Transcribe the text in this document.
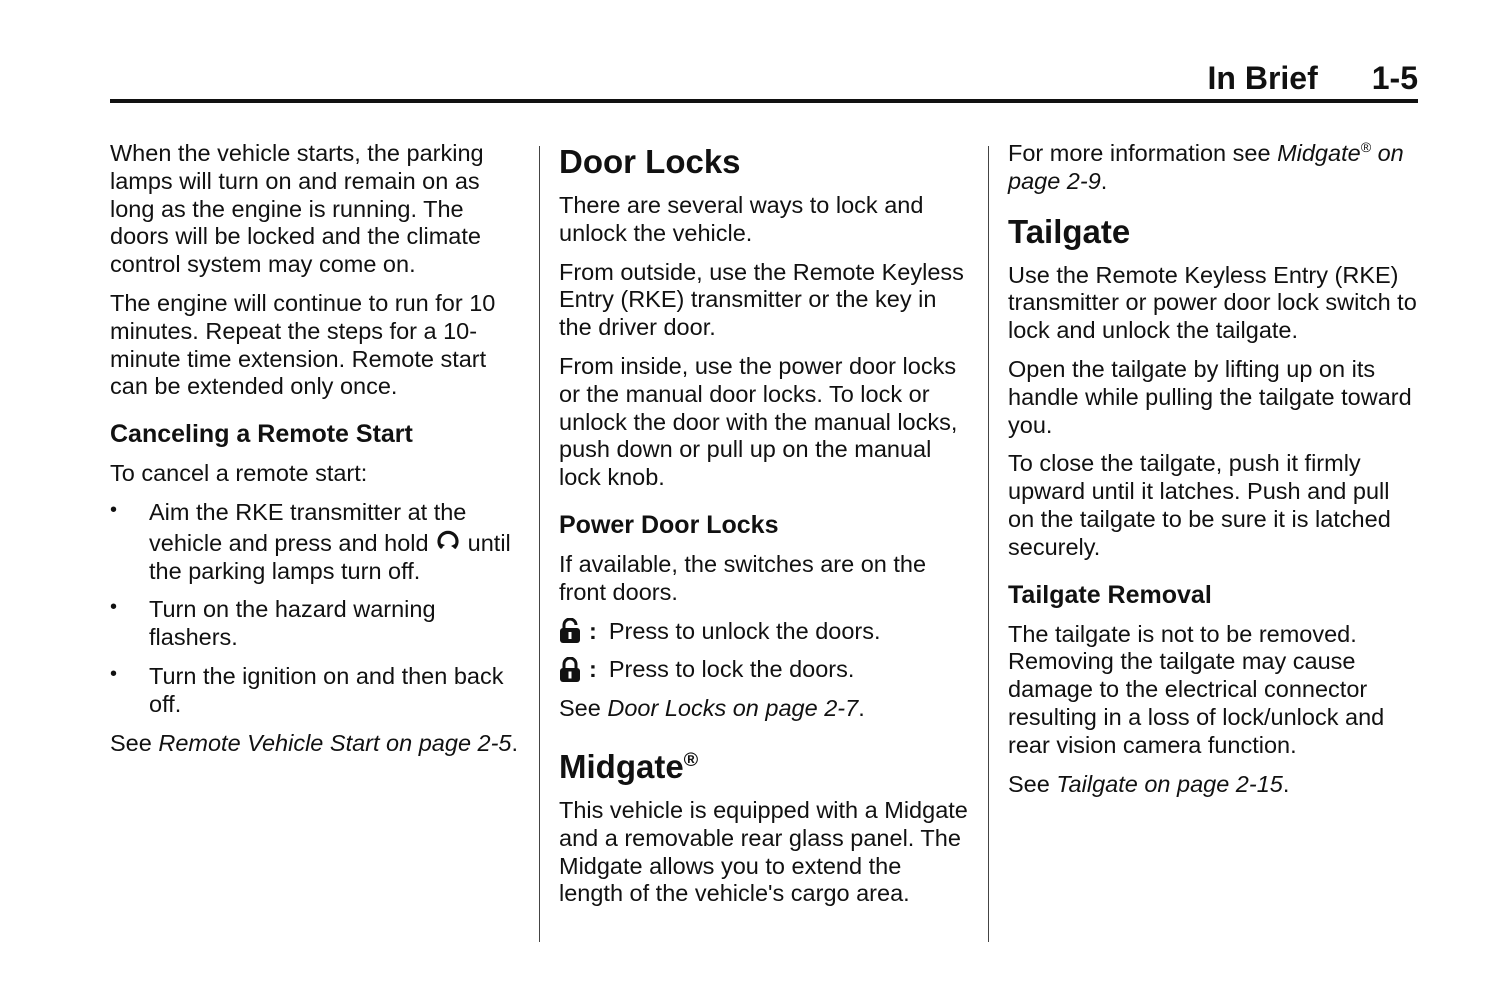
In Brief 1-5

When the vehicle starts, the parking lamps will turn on and remain on as long as the engine is running. The doors will be locked and the climate control system may come on.

The engine will continue to run for 10 minutes. Repeat the steps for a 10-minute time extension. Remote start can be extended only once.

Canceling a Remote Start

To cancel a remote start:

• Aim the RKE transmitter at the vehicle and press and hold until the parking lamps turn off.
• Turn on the hazard warning flashers.
• Turn the ignition on and then back off.

See Remote Vehicle Start on page 2-5.

Door Locks

There are several ways to lock and unlock the vehicle.

From outside, use the Remote Keyless Entry (RKE) transmitter or the key in the driver door.

From inside, use the power door locks or the manual door locks. To lock or unlock the door with the manual locks, push down or pull up on the manual lock knob.

Power Door Locks

If available, the switches are on the front doors.

: Press to unlock the doors.
: Press to lock the doors.

See Door Locks on page 2-7.

Midgate®

This vehicle is equipped with a Midgate and a removable rear glass panel. The Midgate allows you to extend the length of the vehicle's cargo area.

For more information see Midgate® on page 2-9.

Tailgate

Use the Remote Keyless Entry (RKE) transmitter or power door lock switch to lock and unlock the tailgate.

Open the tailgate by lifting up on its handle while pulling the tailgate toward you.

To close the tailgate, push it firmly upward until it latches. Push and pull on the tailgate to be sure it is latched securely.

Tailgate Removal

The tailgate is not to be removed. Removing the tailgate may cause damage to the electrical connector resulting in a loss of lock/unlock and rear vision camera function.

See Tailgate on page 2-15.
